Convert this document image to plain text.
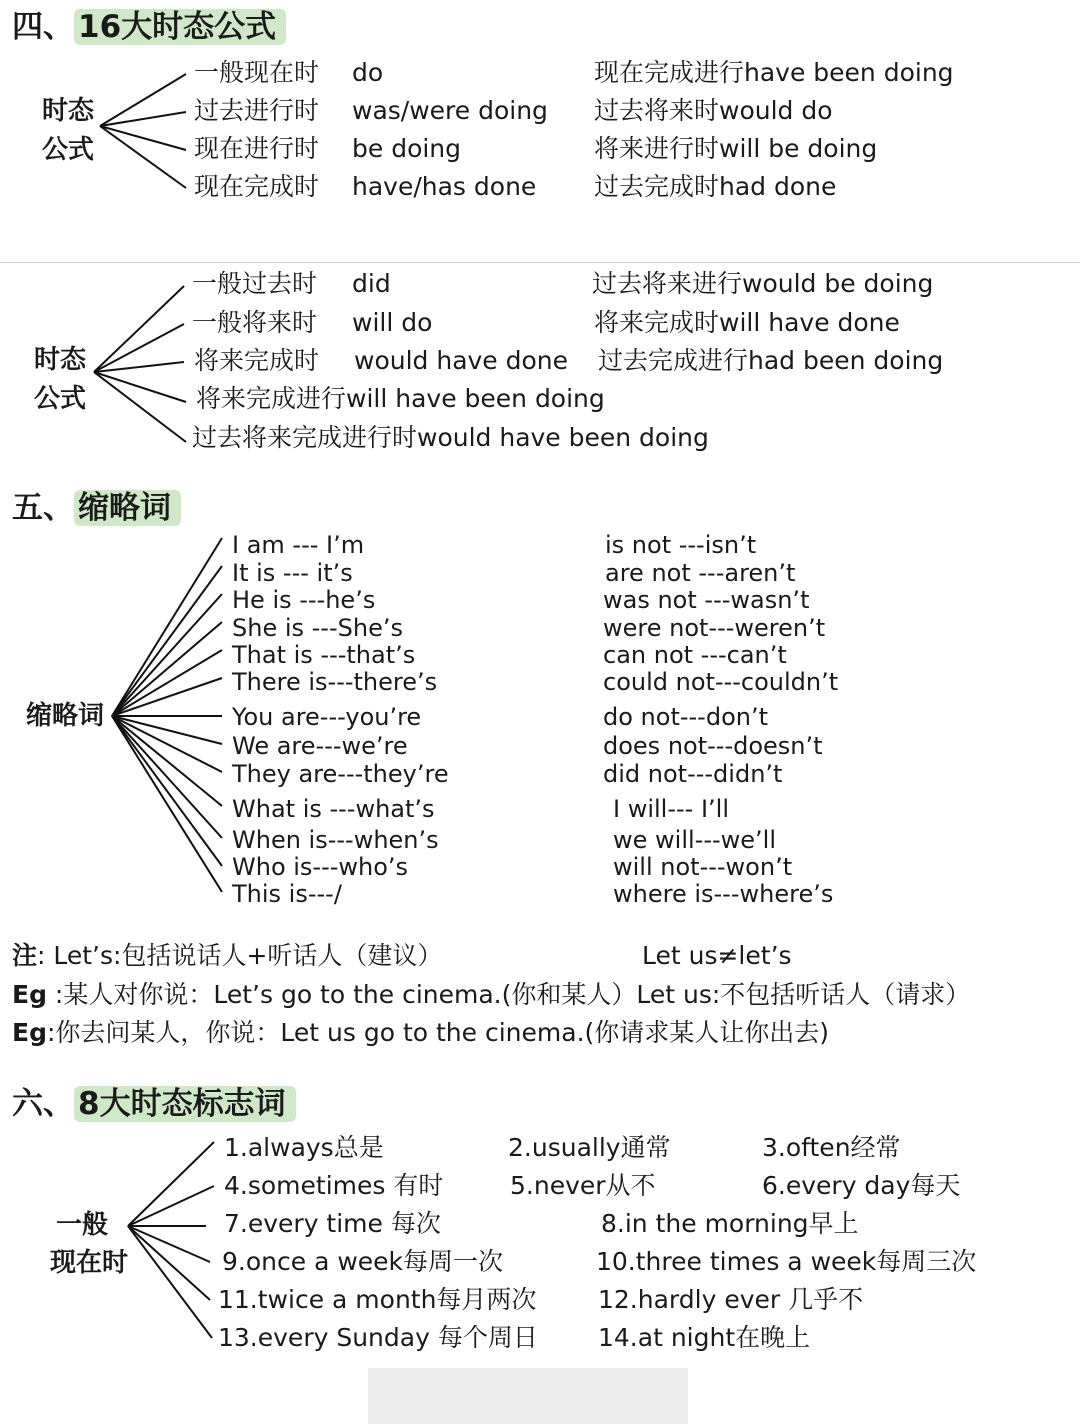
四、 16大时态公式
时态
公式
一般现在时 do	现在完成进行have been doing
过去进行时 was/were doing 过去将来时would do
现在进行时 be doing	将来进行时will be doing
现在完成时 have/has done 过去完成时had done
时态
公式
一般过去时 did	过去将来进行would be doing
一般将来时 will do	将来完成时will have done
将来完成时 would have done 过去完成进行had been doing
将来完成进行will have been doing
过去将来完成进行时would have been doing
五、 缩略词
缩略词
I am --- I’m
It is --- it’s
He is ---he’s
She is ---She’s
That is ---that’s
There is---there’s
You are---you’re
We are---we’re
They are---they’re
What is ---what’s
When is---when’s
Who is---who’s
This is---/
is not ---isn’t
are not ---aren’t
was not ---wasn’t
were not---weren’t
can not ---can’t
could not---couldn’t
do not---don’t
does not---doesn’t
did not---didn’t
I will--- I’ll
we will---we’ll
will not---won’t
where is---where’s
注: Let’s:包括说话人+听话人（建议）	Let us≠let’s
Eg :某人对你说：Let’s go to the cinema.(你和某人）Let us:不包括听话人（请求）
Eg:你去问某人，你说：Let us go to the cinema.(你请求某人让你出去)
六、 8大时态标志词
一般
现在时
1.always总是	2.usually通常	3.often经常
4.sometimes 有时	5.never从不	6.every day每天
7.every time 每次	8.in the morning早上
9.once a week每周一次	10.three times a week每周三次
11.twice a month每月两次 12.hardly ever 几乎不
13.every Sunday 每个周日 14.at night在晚上
